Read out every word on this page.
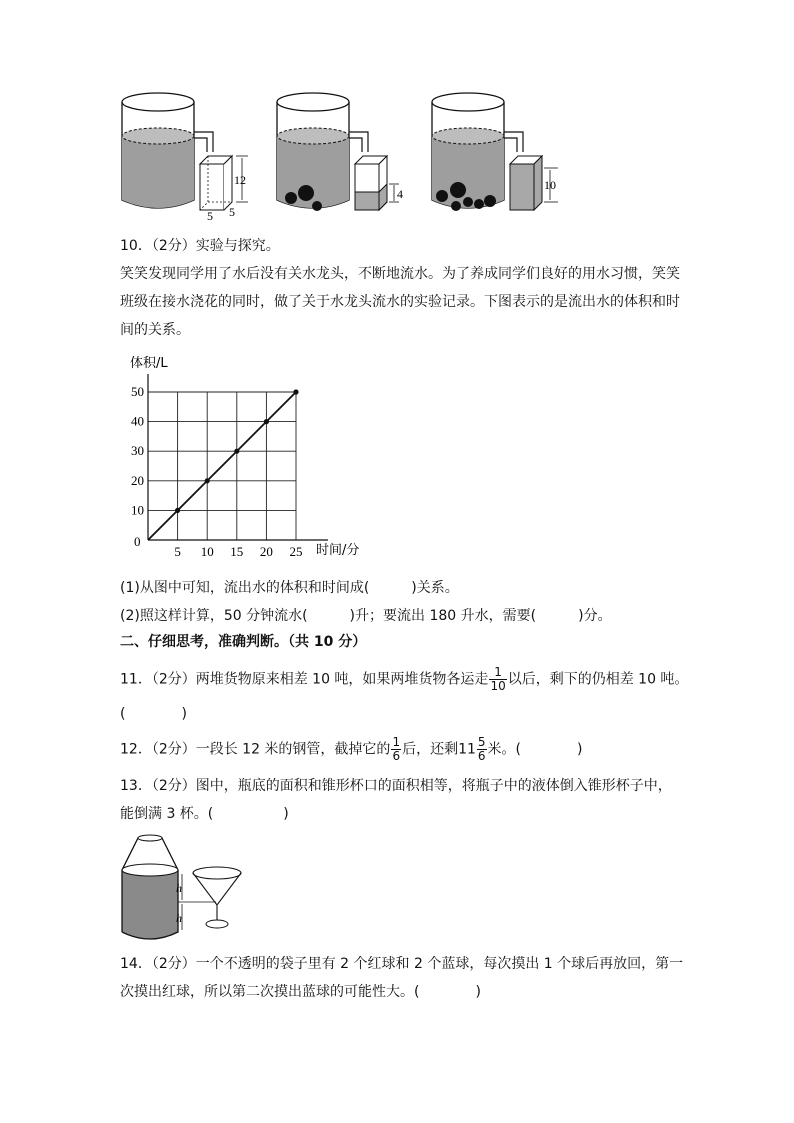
12
5 5
4
10
10．（2分）实验与探究。
笑笑发现同学用了水后没有关水龙头，不断地流水。为了养成同学们良好的用水习惯，笑笑
班级在接水浇花的同时，做了关于水龙头流水的实验记录。下图表示的是流出水的体积和时
间的关系。
5 10 15 20 25
10
20
30
40
50
体积/L
时间/分
0
(1)从图中可知，流出水的体积和时间成(　　　)关系。
(2)照这样计算，50 分钟流水(　　　)升；要流出 180 升水，需要(　　　)分。
二、仔细思考，准确判断。（共 10 分）
11．（2分）两堆货物原来相差 10 吨，如果两堆货物各运走 $\frac{1}{10}$ 以后，剩下的仍相差 10 吨。
(　　　　)
12．（2分）一段长 12 米的钢管，截掉它的 $\frac{1}{6}$ 后，还剩$11 \frac{5}{6}$ 米。(　　　　)
13．（2分）图中，瓶底的面积和锥形杯口的面积相等，将瓶子中的液体倒入锥形杯子中，
能倒满 3 杯。(　　　　　)
h
h
14．（2分）一个不透明的袋子里有 2 个红球和 2 个蓝球，每次摸出 1 个球后再放回，第一
次摸出红球，所以第二次摸出蓝球的可能性大。(　　　　)
